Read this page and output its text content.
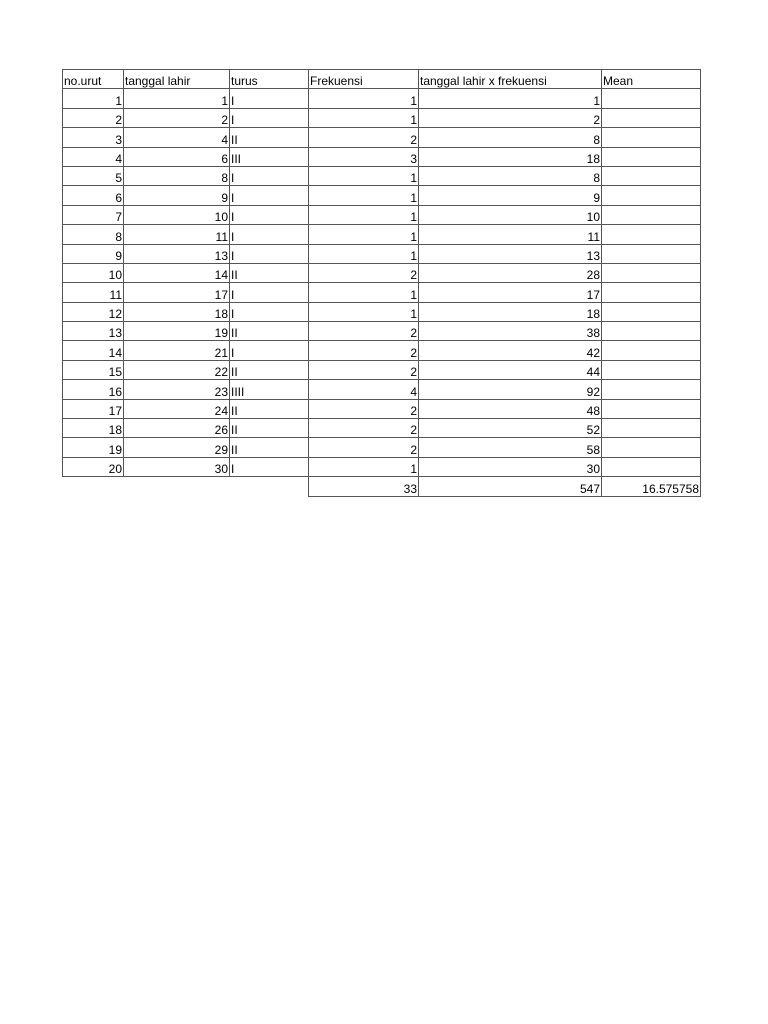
no.urut	tanggal lahir	turus	Frekuensi	tanggal lahir x frekuensi	Mean
1	1	I	1	1	
2	2	I	1	2	
3	4	II	2	8	
4	6	III	3	18	
5	8	I	1	8	
6	9	I	1	9	
7	10	I	1	10	
8	11	I	1	11	
9	13	I	1	13	
10	14	II	2	28	
11	17	I	1	17	
12	18	I	1	18	
13	19	II	2	38	
14	21	I	2	42	
15	22	II	2	44	
16	23	IIII	4	92	
17	24	II	2	48	
18	26	II	2	52	
19	29	II	2	58	
20	30	I	1	30	
			33	547	16.575758
